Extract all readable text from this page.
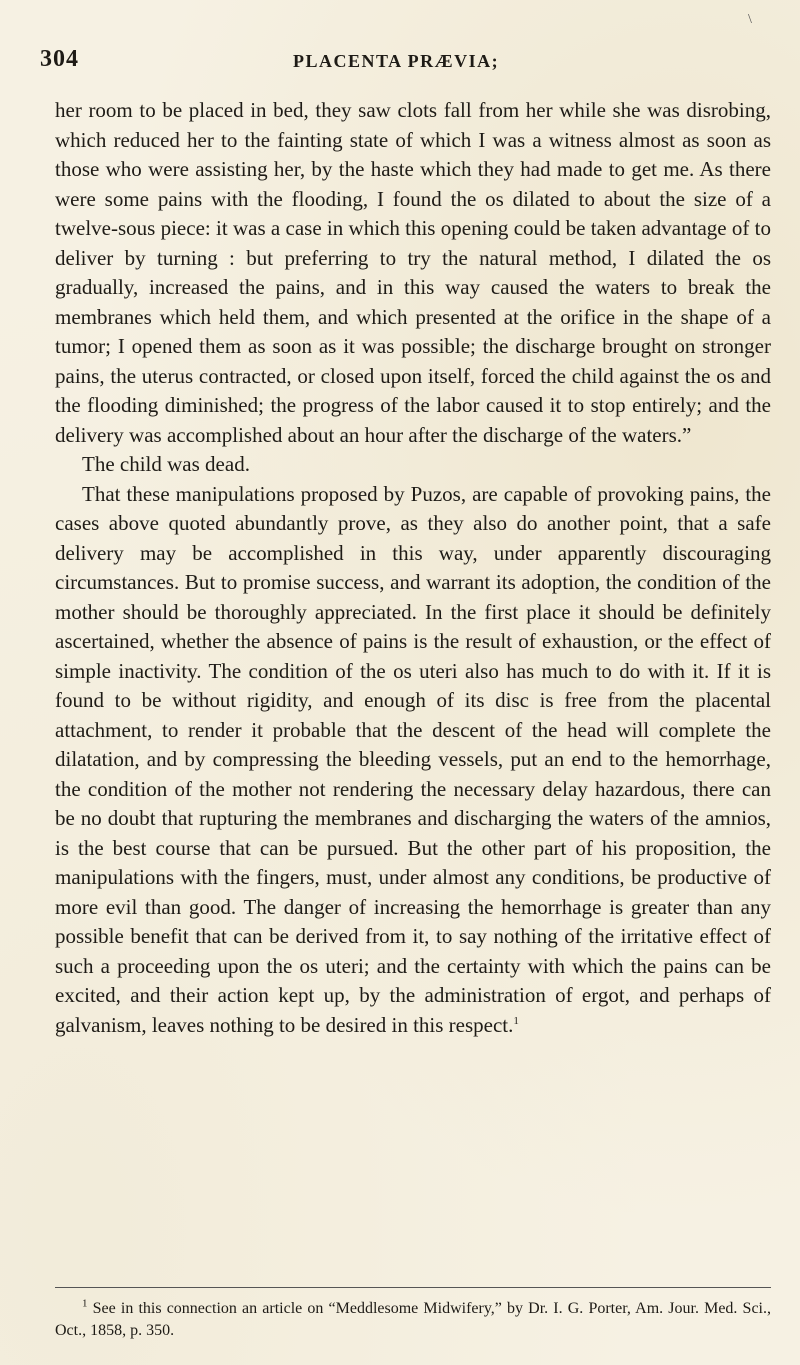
\
304	PLACENTA PRÆVIA;

her room to be placed in bed, they saw clots fall from her while she was disrobing, which reduced her to the fainting state of which I was a witness almost as soon as those who were assisting her, by the haste which they had made to get me. As there were some pains with the flooding, I found the os dilated to about the size of a twelve-sous piece: it was a case in which this opening could be taken advantage of to deliver by turning : but preferring to try the natural method, I dilated the os gradually, increased the pains, and in this way caused the waters to break the membranes which held them, and which presented at the orifice in the shape of a tumor; I opened them as soon as it was possible; the discharge brought on stronger pains, the uterus contracted, or closed upon itself, forced the child against the os and the flooding diminished; the progress of the labor caused it to stop entirely; and the delivery was accomplished about an hour after the discharge of the waters.”

The child was dead.

That these manipulations proposed by Puzos, are capable of provoking pains, the cases above quoted abundantly prove, as they also do another point, that a safe delivery may be accomplished in this way, under apparently discouraging circumstances. But to promise success, and warrant its adoption, the condition of the mother should be thoroughly appreciated. In the first place it should be definitely ascertained, whether the absence of pains is the result of exhaustion, or the effect of simple inactivity. The condition of the os uteri also has much to do with it. If it is found to be without rigidity, and enough of its disc is free from the placental attachment, to render it probable that the descent of the head will complete the dilatation, and by compressing the bleeding vessels, put an end to the hemorrhage, the condition of the mother not rendering the necessary delay hazardous, there can be no doubt that rupturing the membranes and discharging the waters of the amnios, is the best course that can be pursued. But the other part of his proposition, the manipulations with the fingers, must, under almost any conditions, be productive of more evil than good. The danger of increasing the hemorrhage is greater than any possible benefit that can be derived from it, to say nothing of the irritative effect of such a proceeding upon the os uteri; and the certainty with which the pains can be excited, and their action kept up, by the administration of ergot, and perhaps of galvanism, leaves nothing to be desired in this respect.$^1$

$^1$ See in this connection an article on “Meddlesome Midwifery,” by Dr. I. G. Porter, Am. Jour. Med. Sci., Oct., 1858, p. 350.
